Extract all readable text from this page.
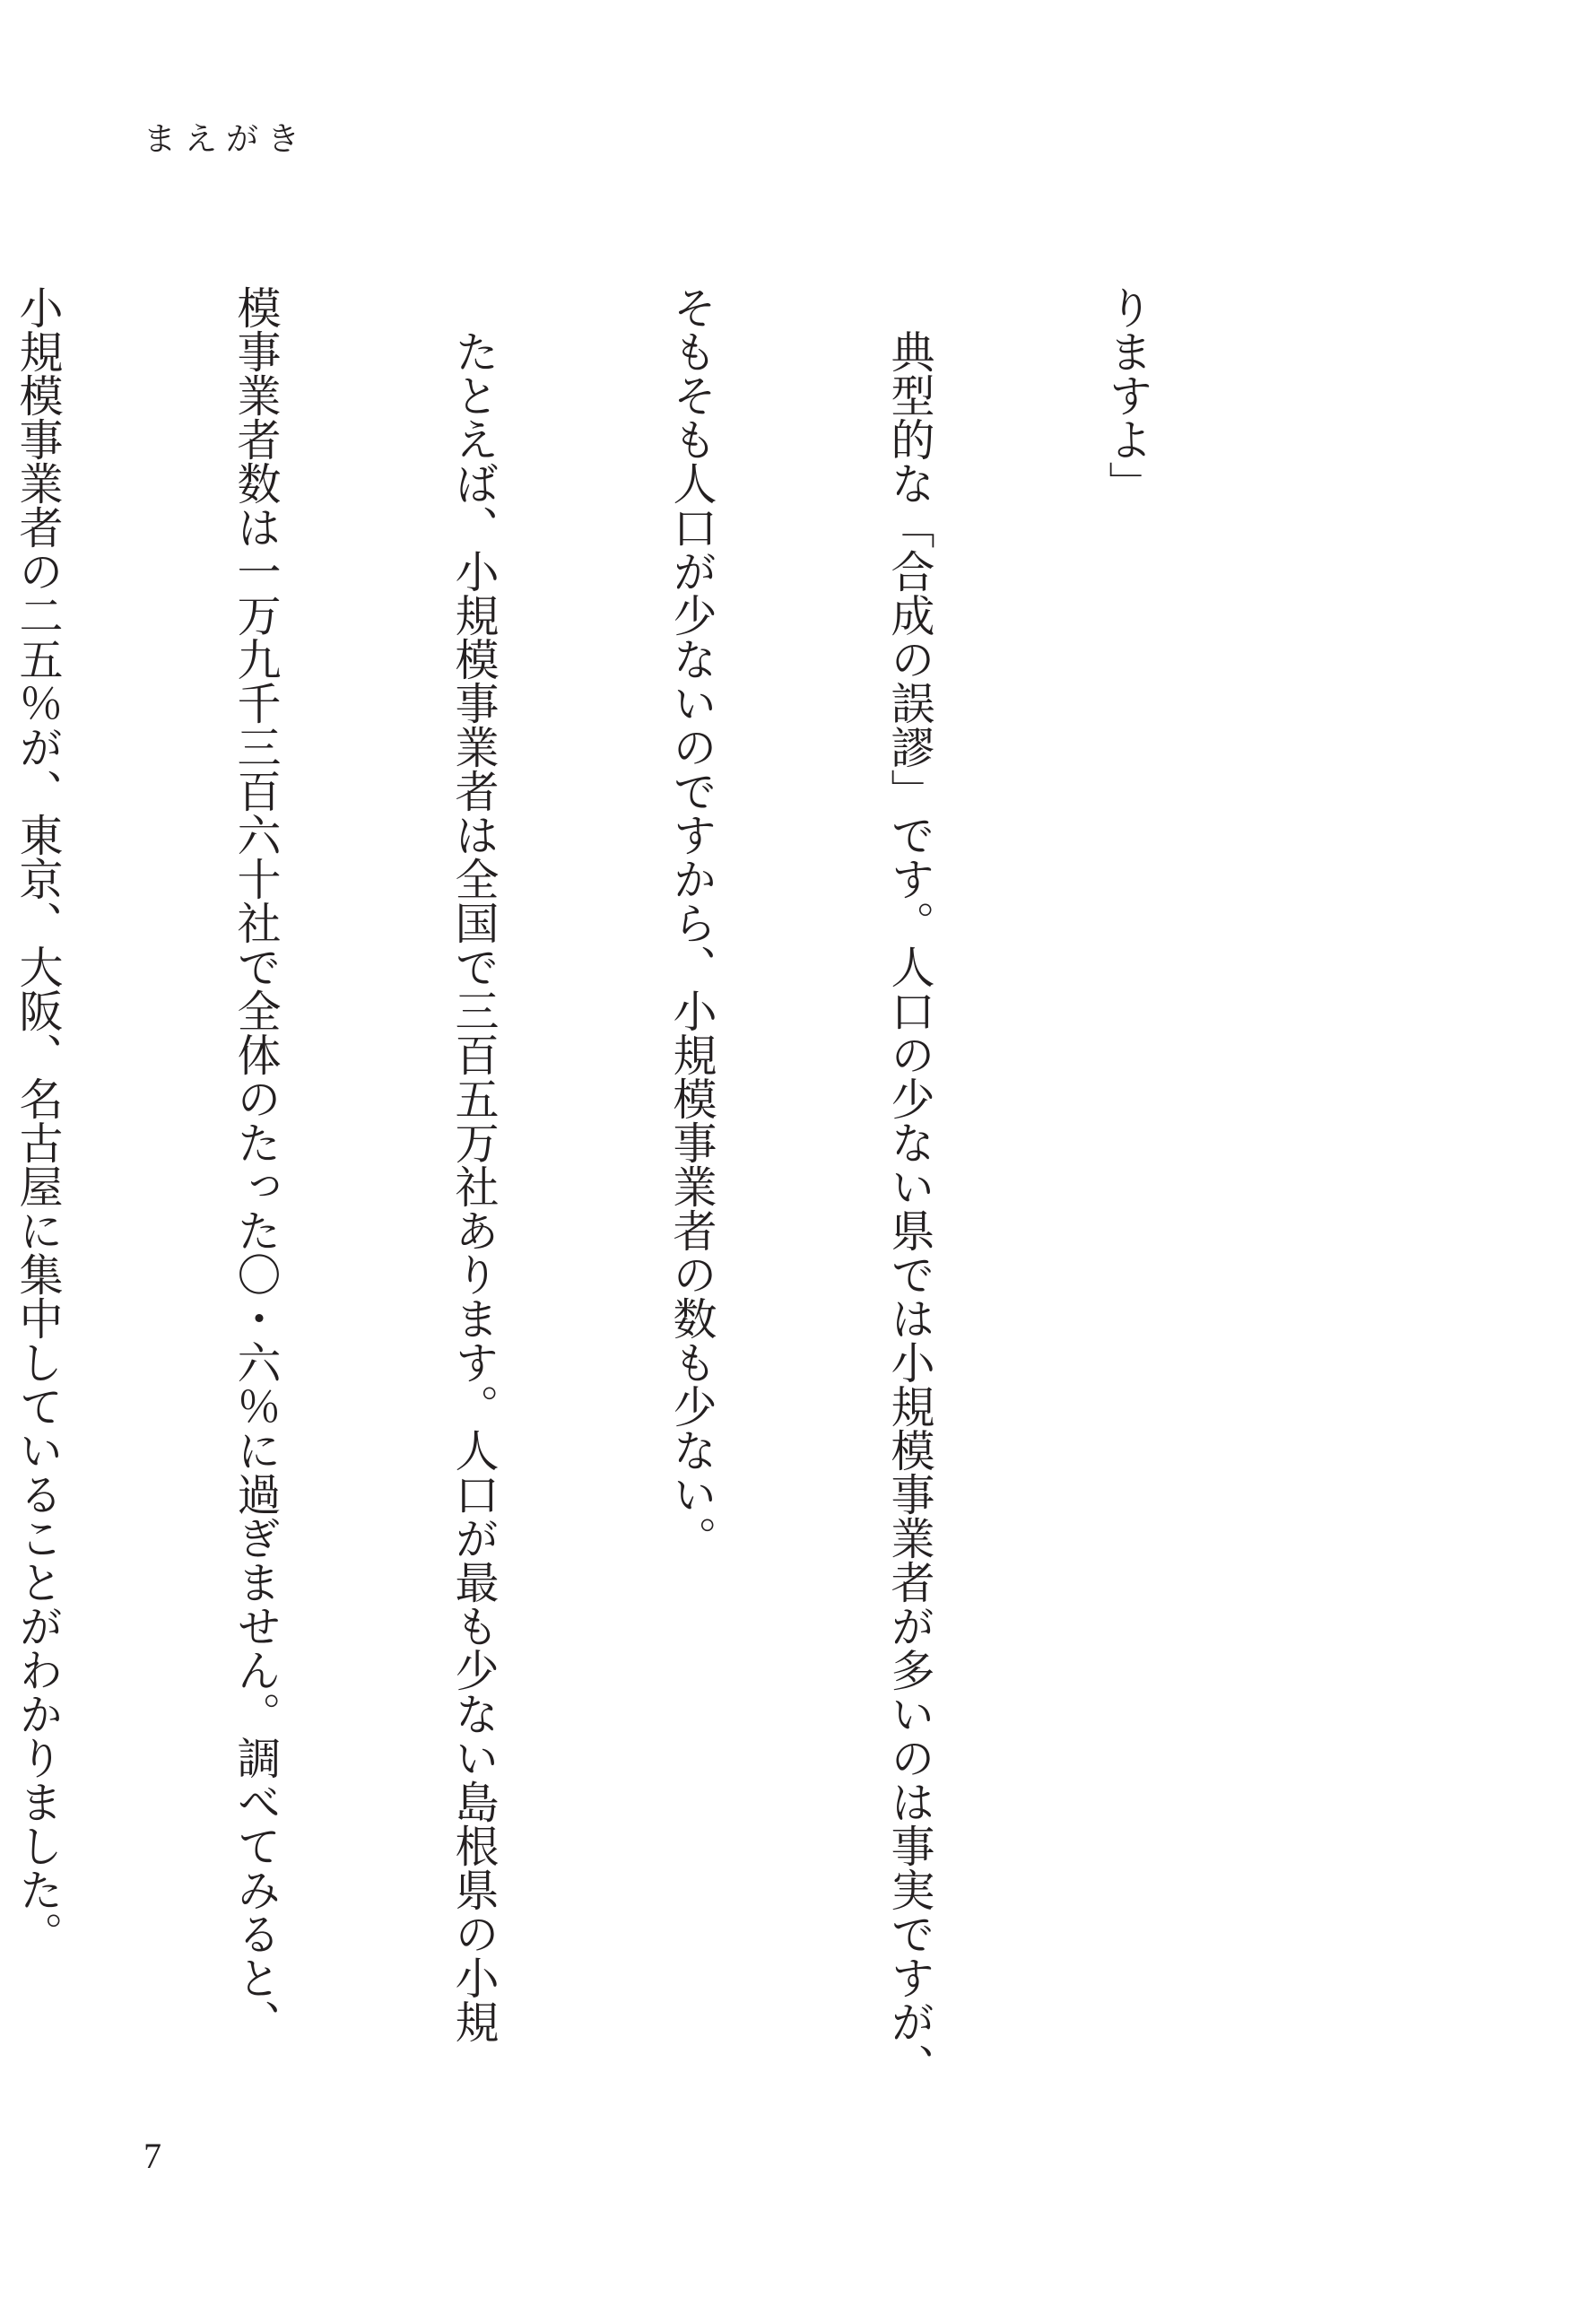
まえがき

りますよ」

　典型的な「合成の誤謬」です。人口の少ない県では小規模事業者が多いのは事実ですが、

そもそも人口が少ないのですから、小規模事業者の数も少ない。

　たとえば、小規模事業者は全国で三百五万社あります。人口が最も少ない島根県の小規

模事業者数は一万九千三百六十社で全体のたった〇・六％に過ぎません。調べてみると、

小規模事業者の二五％が、東京、大阪、名古屋に集中していることがわかりました。

7
